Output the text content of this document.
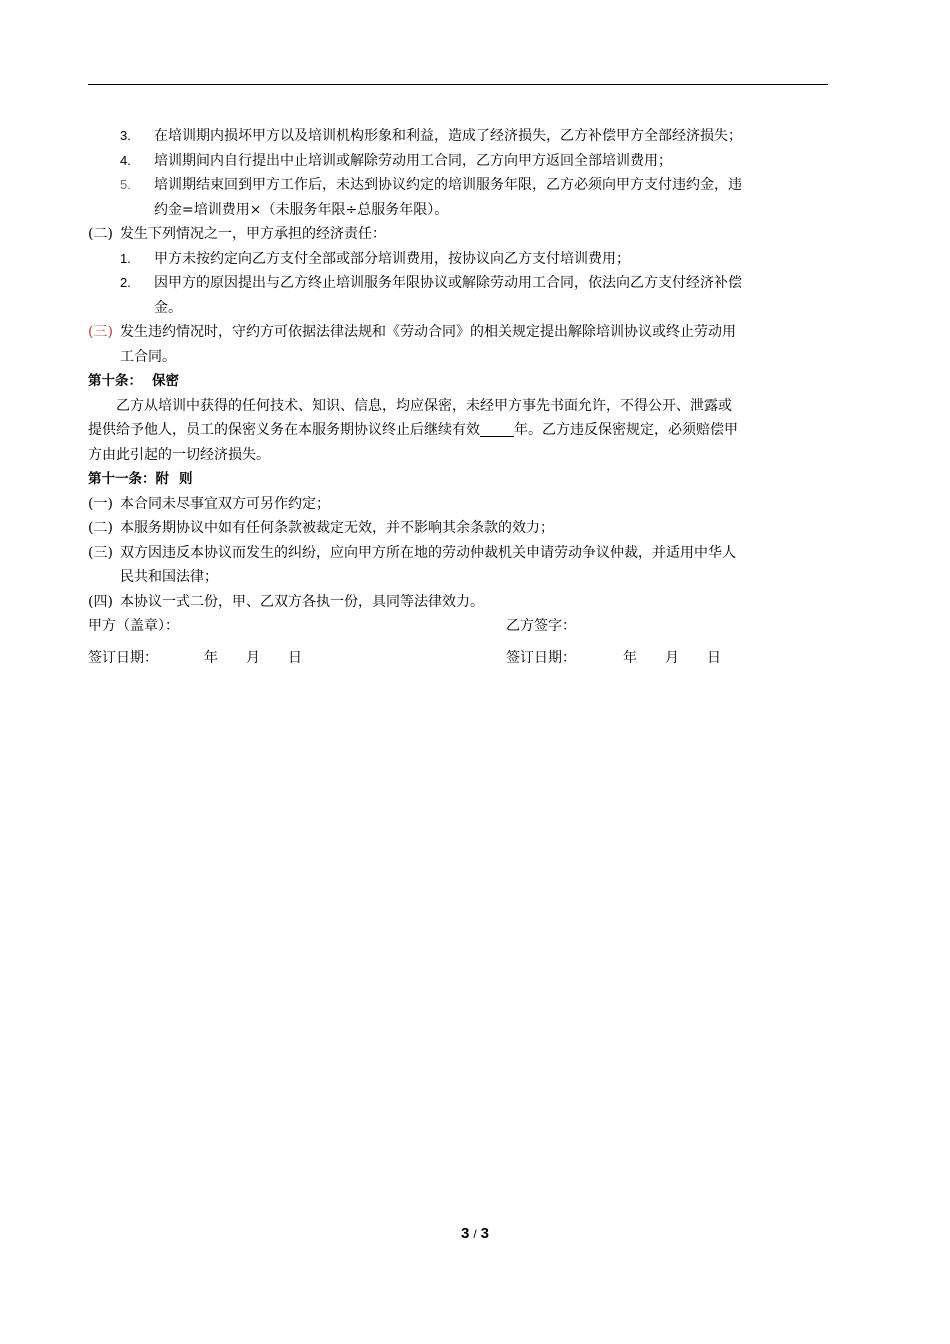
3.	在培训期内损坏甲方以及培训机构形象和利益，造成了经济损失，乙方补偿甲方全部经济损失；
4.	培训期间内自行提出中止培训或解除劳动用工合同，乙方向甲方返回全部培训费用；
5.	培训期结束回到甲方工作后，未达到协议约定的培训服务年限，乙方必须向甲方支付违约金，违
约金=培训费用×（未服务年限÷总服务年限）。
(二) 发生下列情况之一，甲方承担的经济责任：
1.	甲方未按约定向乙方支付全部或部分培训费用，按协议向乙方支付培训费用；
2.	因甲方的原因提出与乙方终止培训服务年限协议或解除劳动用工合同，依法向乙方支付经济补偿
金。
(三) 发生违约情况时，守约方可依据法律法规和《劳动合同》的相关规定提出解除培训协议或终止劳动用
工合同。
第十条： 保密
乙方从培训中获得的任何技术、知识、信息，均应保密，未经甲方事先书面允许，不得公开、泄露或
提供给予他人，员工的保密义务在本服务期协议终止后继续有效 年。乙方违反保密规定，必须赔偿甲
方由此引起的一切经济损失。
第十一条：附 则
(一) 本合同未尽事宜双方可另作约定；
(二) 本服务期协议中如有任何条款被裁定无效，并不影响其余条款的效力；
(三) 双方因违反本协议而发生的纠纷，应向甲方所在地的劳动仲裁机关申请劳动争议仲裁，并适用中华人
民共和国法律；
(四) 本协议一式二份，甲、乙双方各执一份，具同等法律效力。
甲方（盖章）：	乙方签字：
签订日期：	年 月 日	签订日期：	年 月 日
3 / 3
